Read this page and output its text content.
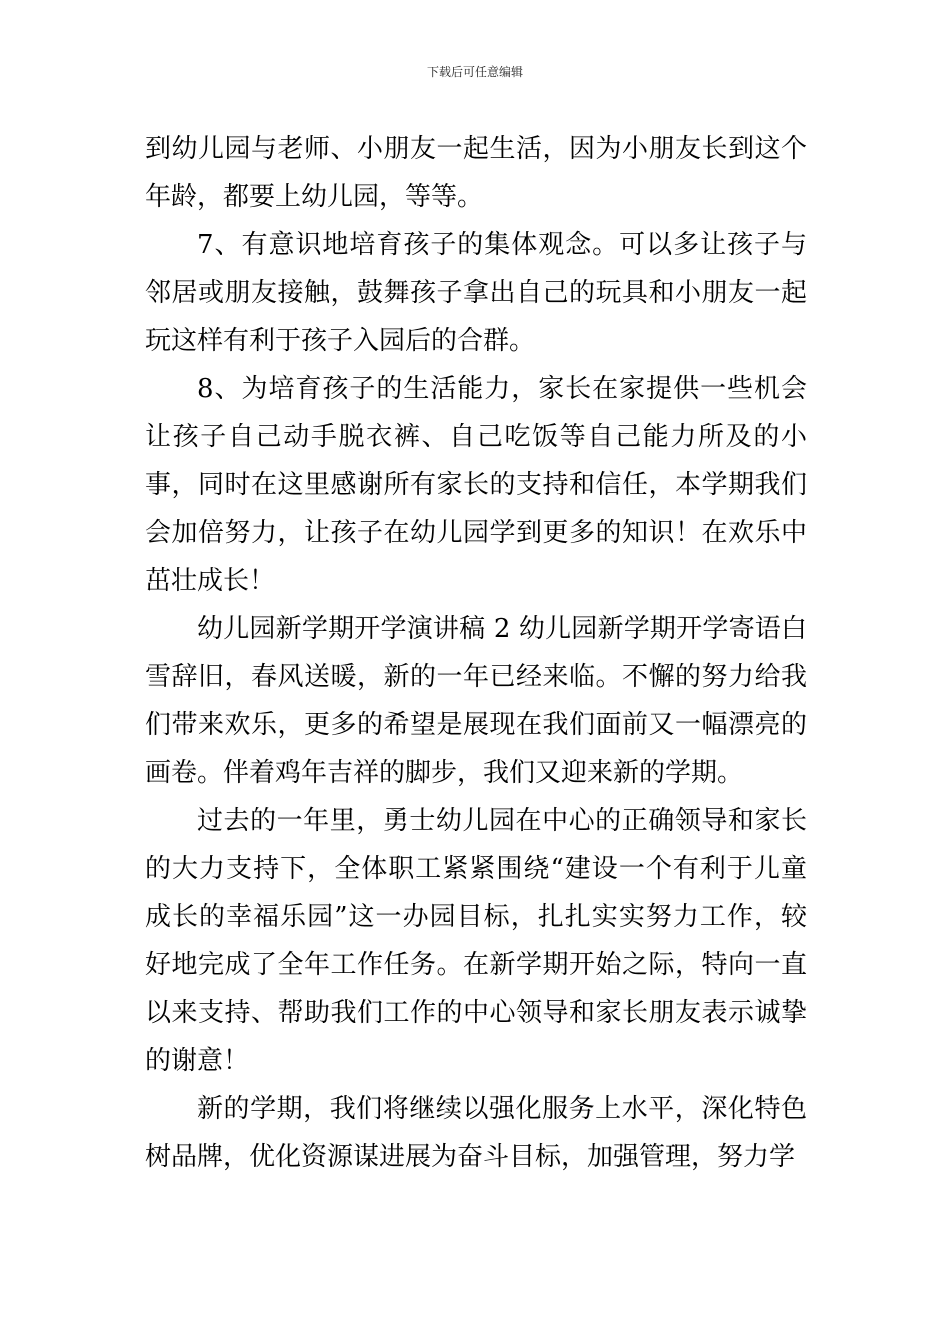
下载后可任意编辑

到幼儿园与老师、小朋友一起生活，因为小朋友长到这个年龄，都要上幼儿园，等等。

7、有意识地培育孩子的集体观念。可以多让孩子与邻居或朋友接触，鼓舞孩子拿出自己的玩具和小朋友一起玩这样有利于孩子入园后的合群。

8、为培育孩子的生活能力，家长在家提供一些机会让孩子自己动手脱衣裤、自己吃饭等自己能力所及的小事，同时在这里感谢所有家长的支持和信任，本学期我们会加倍努力，让孩子在幼儿园学到更多的知识！在欢乐中茁壮成长！

幼儿园新学期开学演讲稿 2 幼儿园新学期开学寄语白雪辞旧，春风送暖，新的一年已经来临。不懈的努力给我们带来欢乐，更多的希望是展现在我们面前又一幅漂亮的画卷。伴着鸡年吉祥的脚步，我们又迎来新的学期。

过去的一年里，勇士幼儿园在中心的正确领导和家长的大力支持下，全体职工紧紧围绕“建设一个有利于儿童成长的幸福乐园”这一办园目标，扎扎实实努力工作，较好地完成了全年工作任务。在新学期开始之际，特向一直以来支持、帮助我们工作的中心领导和家长朋友表示诚挚的谢意！

新的学期，我们将继续以强化服务上水平，深化特色树品牌，优化资源谋进展为奋斗目标，加强管理，努力学
